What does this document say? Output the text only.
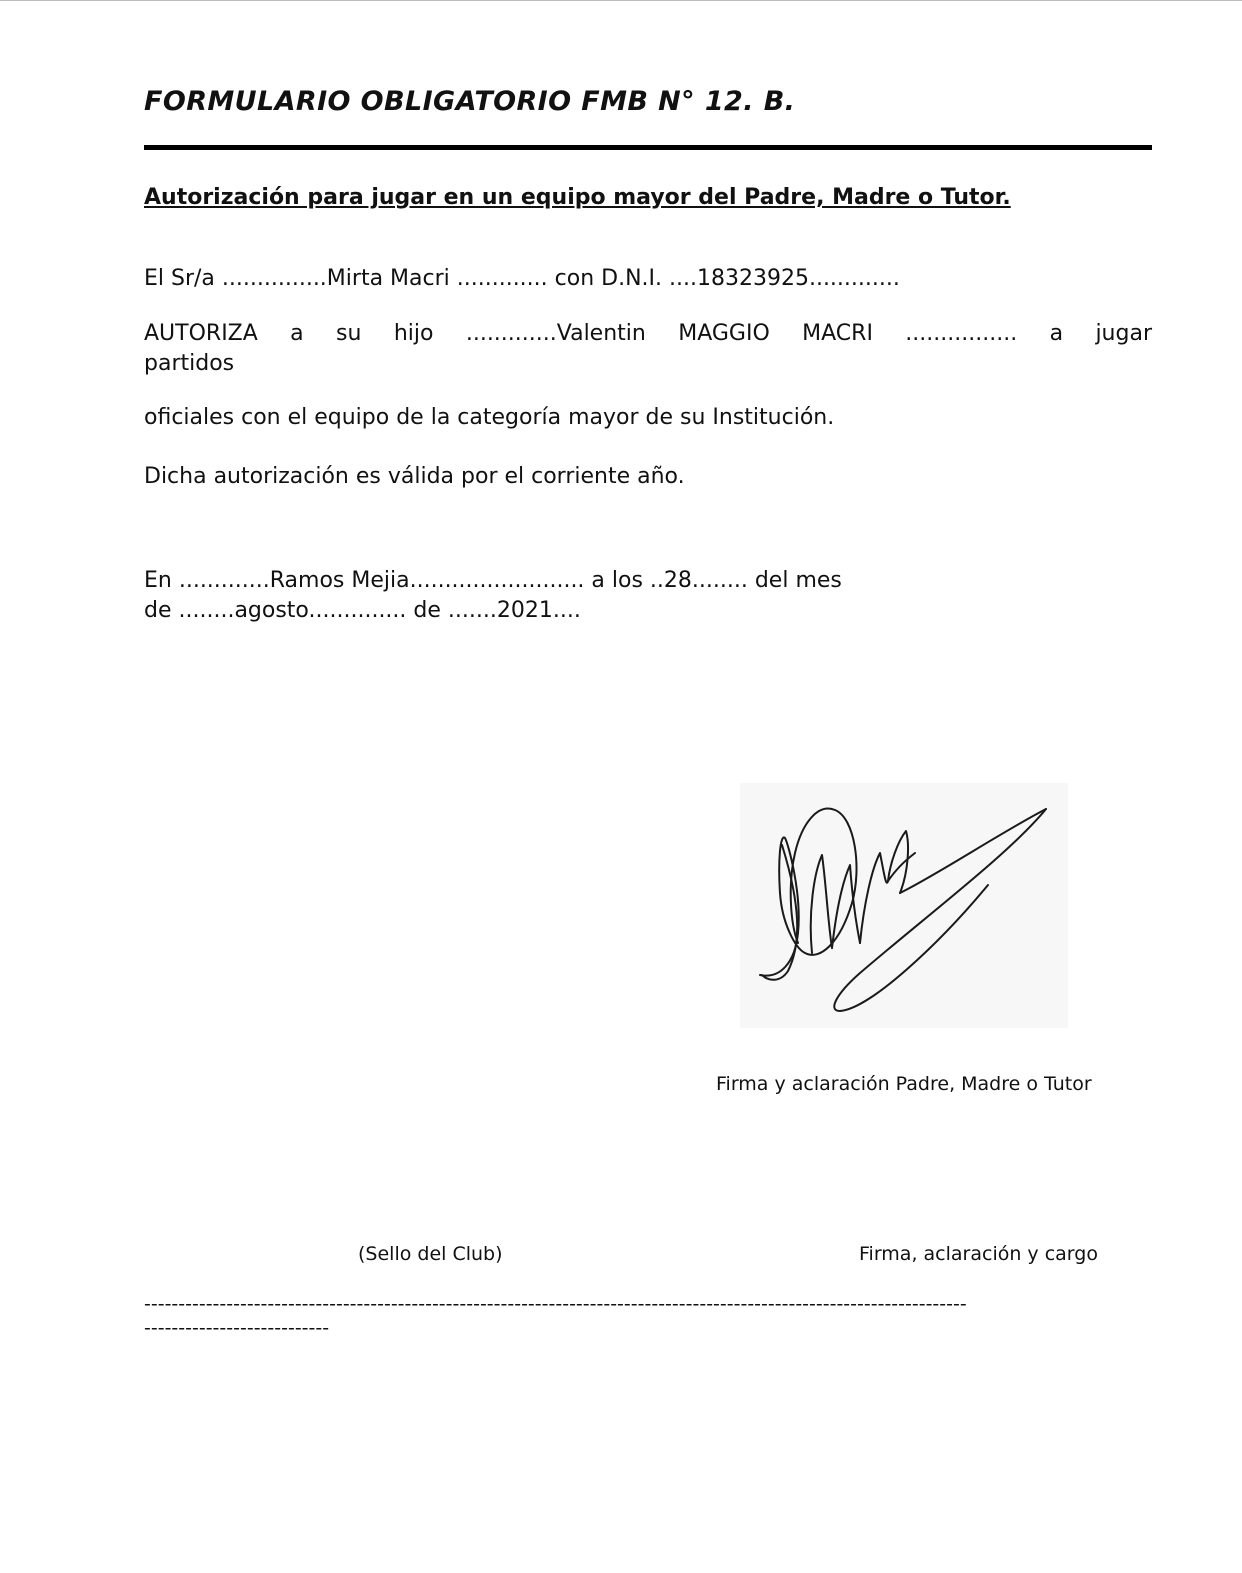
FORMULARIO OBLIGATORIO FMB N° 12. B.
Autorización para jugar en un equipo mayor del Padre, Madre o Tutor.
El Sr/a ...............Mirta Macri ............. con D.N.I. ....18323925.............
AUTORIZA a su hijo .............Valentin MAGGIO MACRI ................ a jugar
partidos
oficiales con el equipo de la categoría mayor de su Institución.
Dicha autorización es válida por el corriente año.
En .............Ramos Mejia......................... a los ..28........ del mes
de ........agosto.............. de .......2021....
Firma y aclaración Padre, Madre o Tutor
(Sello del Club)	Firma, aclaración y cargo
------------------------------------------------------------------------------------------------------------------------
---------------------------
